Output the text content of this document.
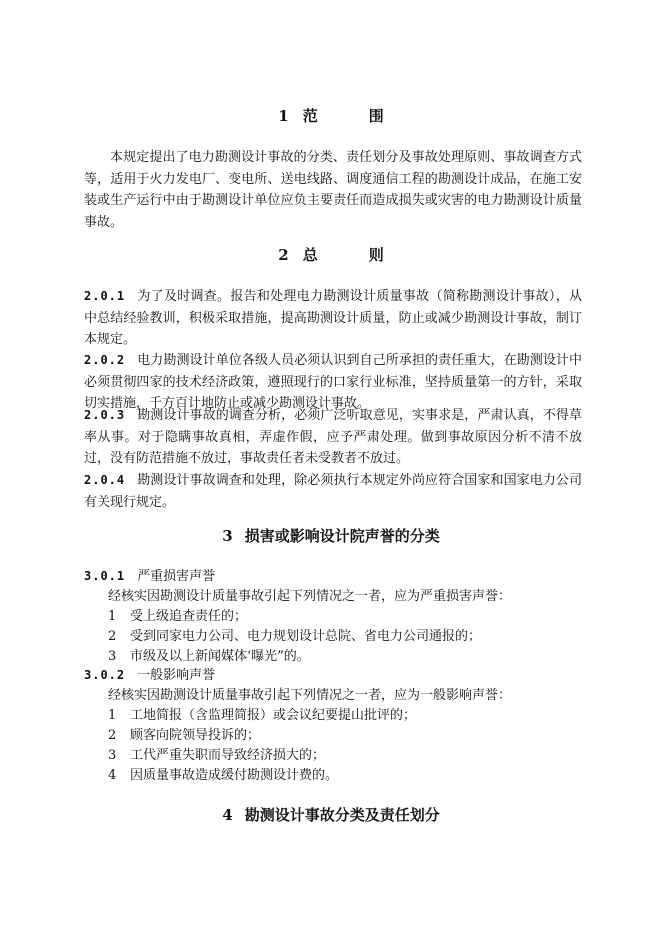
1 范　围
本规定提出了电力勘测设计事故的分类、责任划分及事故处理原则、事故调查方式等，适用于火力发电厂、变电所、送电线路、调度通信工程的勘测设计成品，在施工安装或生产运行中由于勘测设计单位应负主要责任而造成损失或灾害的电力勘测设计质量事故。
2 总　则
2.0.1 为了及时调查。报告和处理电力勘测设计质量事故（简称勘测设计事故），从中总结经验教训，积极采取措施，提高勘测设计质量，防止或减少勘测设计事故，制订本规定。
2.0.2 电力勘测设计单位各级人员必须认识到自己所承担的责任重大，在勘测设计中必须贯彻四家的技术经济政策，遵照现行的口家行业标准，坚持质量第一的方针，采取切实措施，千方百计地防止或减少勘测设计事故。
2.0.3 勘测设计事故的调查分析，必须广泛听取意见，实事求是，严肃认真，不得草率从事。对于隐瞒事故真相，弄虚作假，应予严肃处理。做到事故原因分析不清不放过，没有防范措施不放过，事故责任者未受教者不放过。
2.0.4 勘测设计事故调查和处理，除必须执行本规定外尚应符合国家和国家电力公司有关现行规定。
3 损害或影响设计院声誉的分类
3.0.1 严重损害声誉
经核实因勘测设计质量事故引起下列情况之一者，应为严重损害声誉：
1 受上级追查责任的；
2 受到同家电力公司、电力规划设计总院、省电力公司通报的；
3 市级及以上新闻媒体‘曝光”的。
3.0.2 一般影响声誉
经核实因勘测设计质量事故引起下列情况之一者，应为一般影响声誉：
1 工地简报（含监理简报）或会议纪要提山批评的；
2 顾客向院领导投诉的；
3 工代严重失职而导致经济损大的；
4 因质量事故造成缓付勘测设计费的。
4 勘测设计事故分类及责任划分
